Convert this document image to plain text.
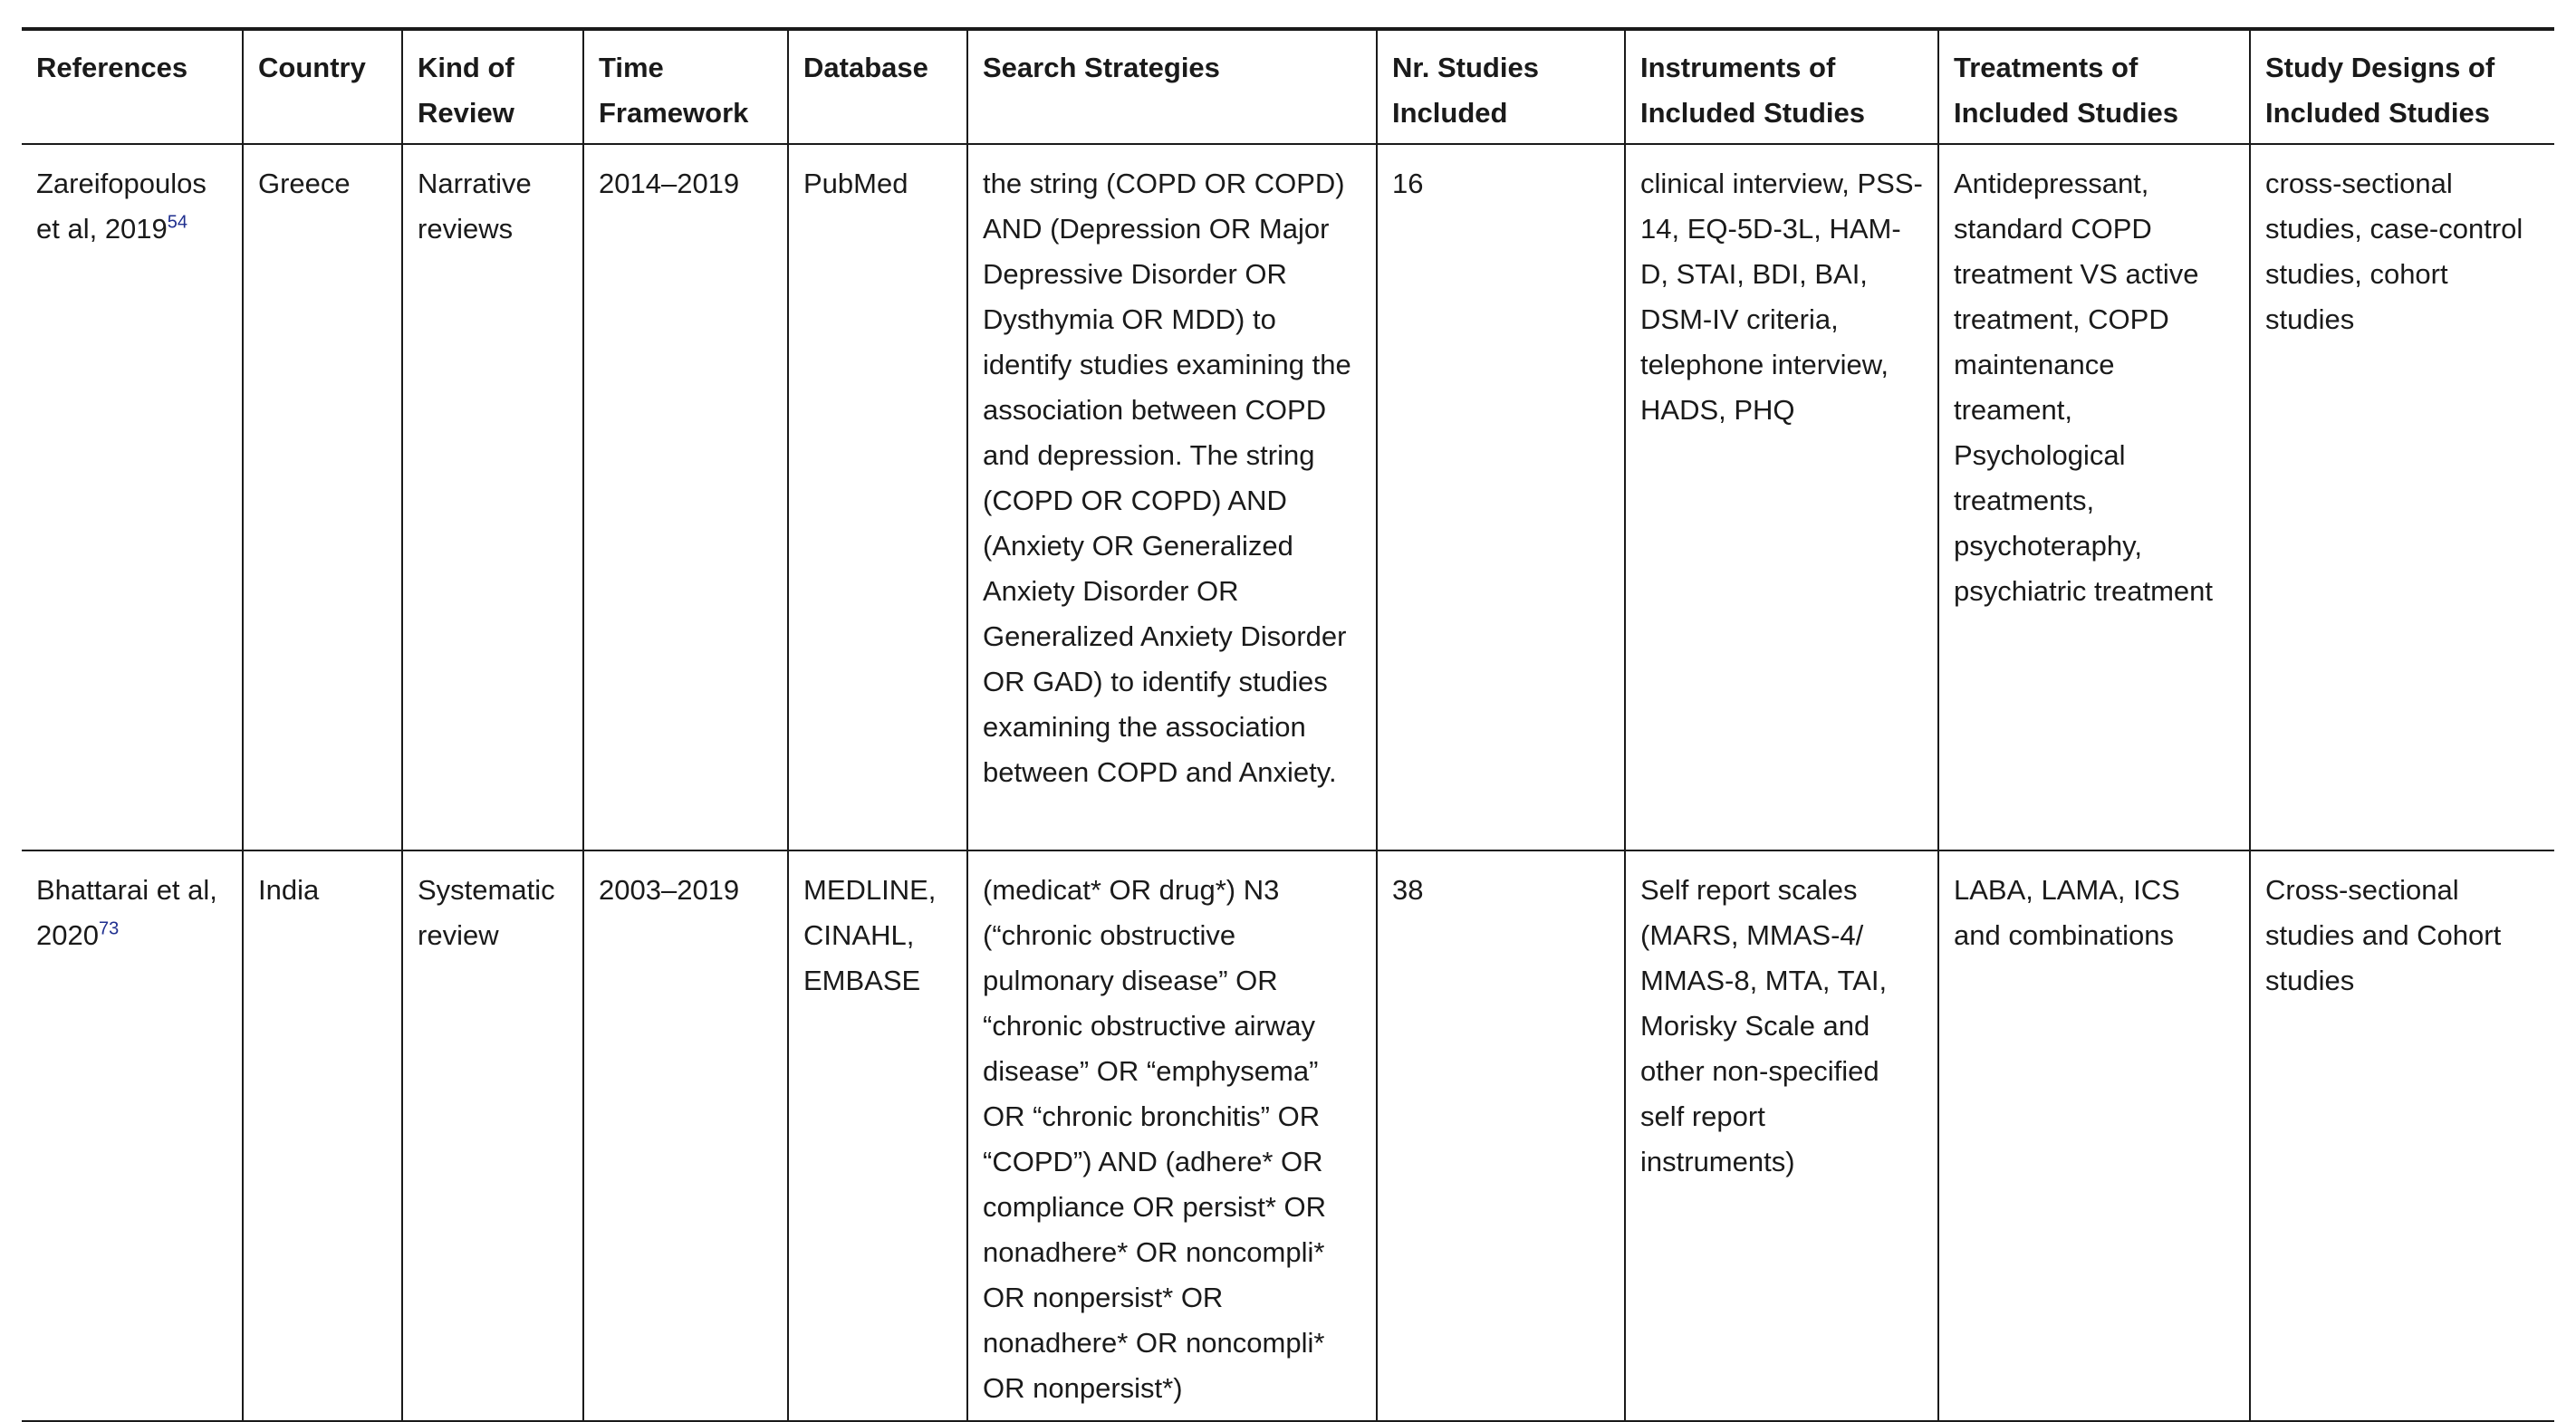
References	Country	Kind of Review	Time Framework	Database	Search Strategies	Nr. Studies Included	Instruments of Included Studies	Treatments of Included Studies	Study Designs of Included Studies
Zareifopoulos et al, 2019$^{54}$	Greece	Narrative reviews	2014–2019	PubMed	the string (COPD OR COPD) AND (Depression OR Major Depressive Disorder OR Dysthymia OR MDD) to identify studies examining the association between COPD and depression. The string (COPD OR COPD) AND (Anxiety OR Generalized Anxiety Disorder OR Generalized Anxiety Disorder OR GAD) to identify studies examining the association between COPD and Anxiety.	16	clinical interview, PSS-14, EQ-5D-3L, HAM-D, STAI, BDI, BAI, DSM-IV criteria, telephone interview, HADS, PHQ	Antidepressant, standard COPD treatment VS active treatment, COPD maintenance treament, Psychological treatments, psychoteraphy, psychiatric treatment	cross-sectional studies, case-control studies, cohort studies
Bhattarai et al, 2020$^{73}$	India	Systematic review	2003–2019	MEDLINE, CINAHL, EMBASE	(medicat* OR drug*) N3 (“chronic obstructive pulmonary disease” OR “chronic obstructive airway disease” OR “emphysema” OR “chronic bronchitis” OR “COPD”) AND (adhere* OR compliance OR persist* OR nonadhere* OR noncompli* OR nonpersist* OR nonadhere* OR noncompli* OR nonpersist*)	38	Self report scales (MARS, MMAS-4/ MMAS-8, MTA, TAI, Morisky Scale and other non-specified self report instruments)	LABA, LAMA, ICS and combinations	Cross-sectional studies and Cohort studies
